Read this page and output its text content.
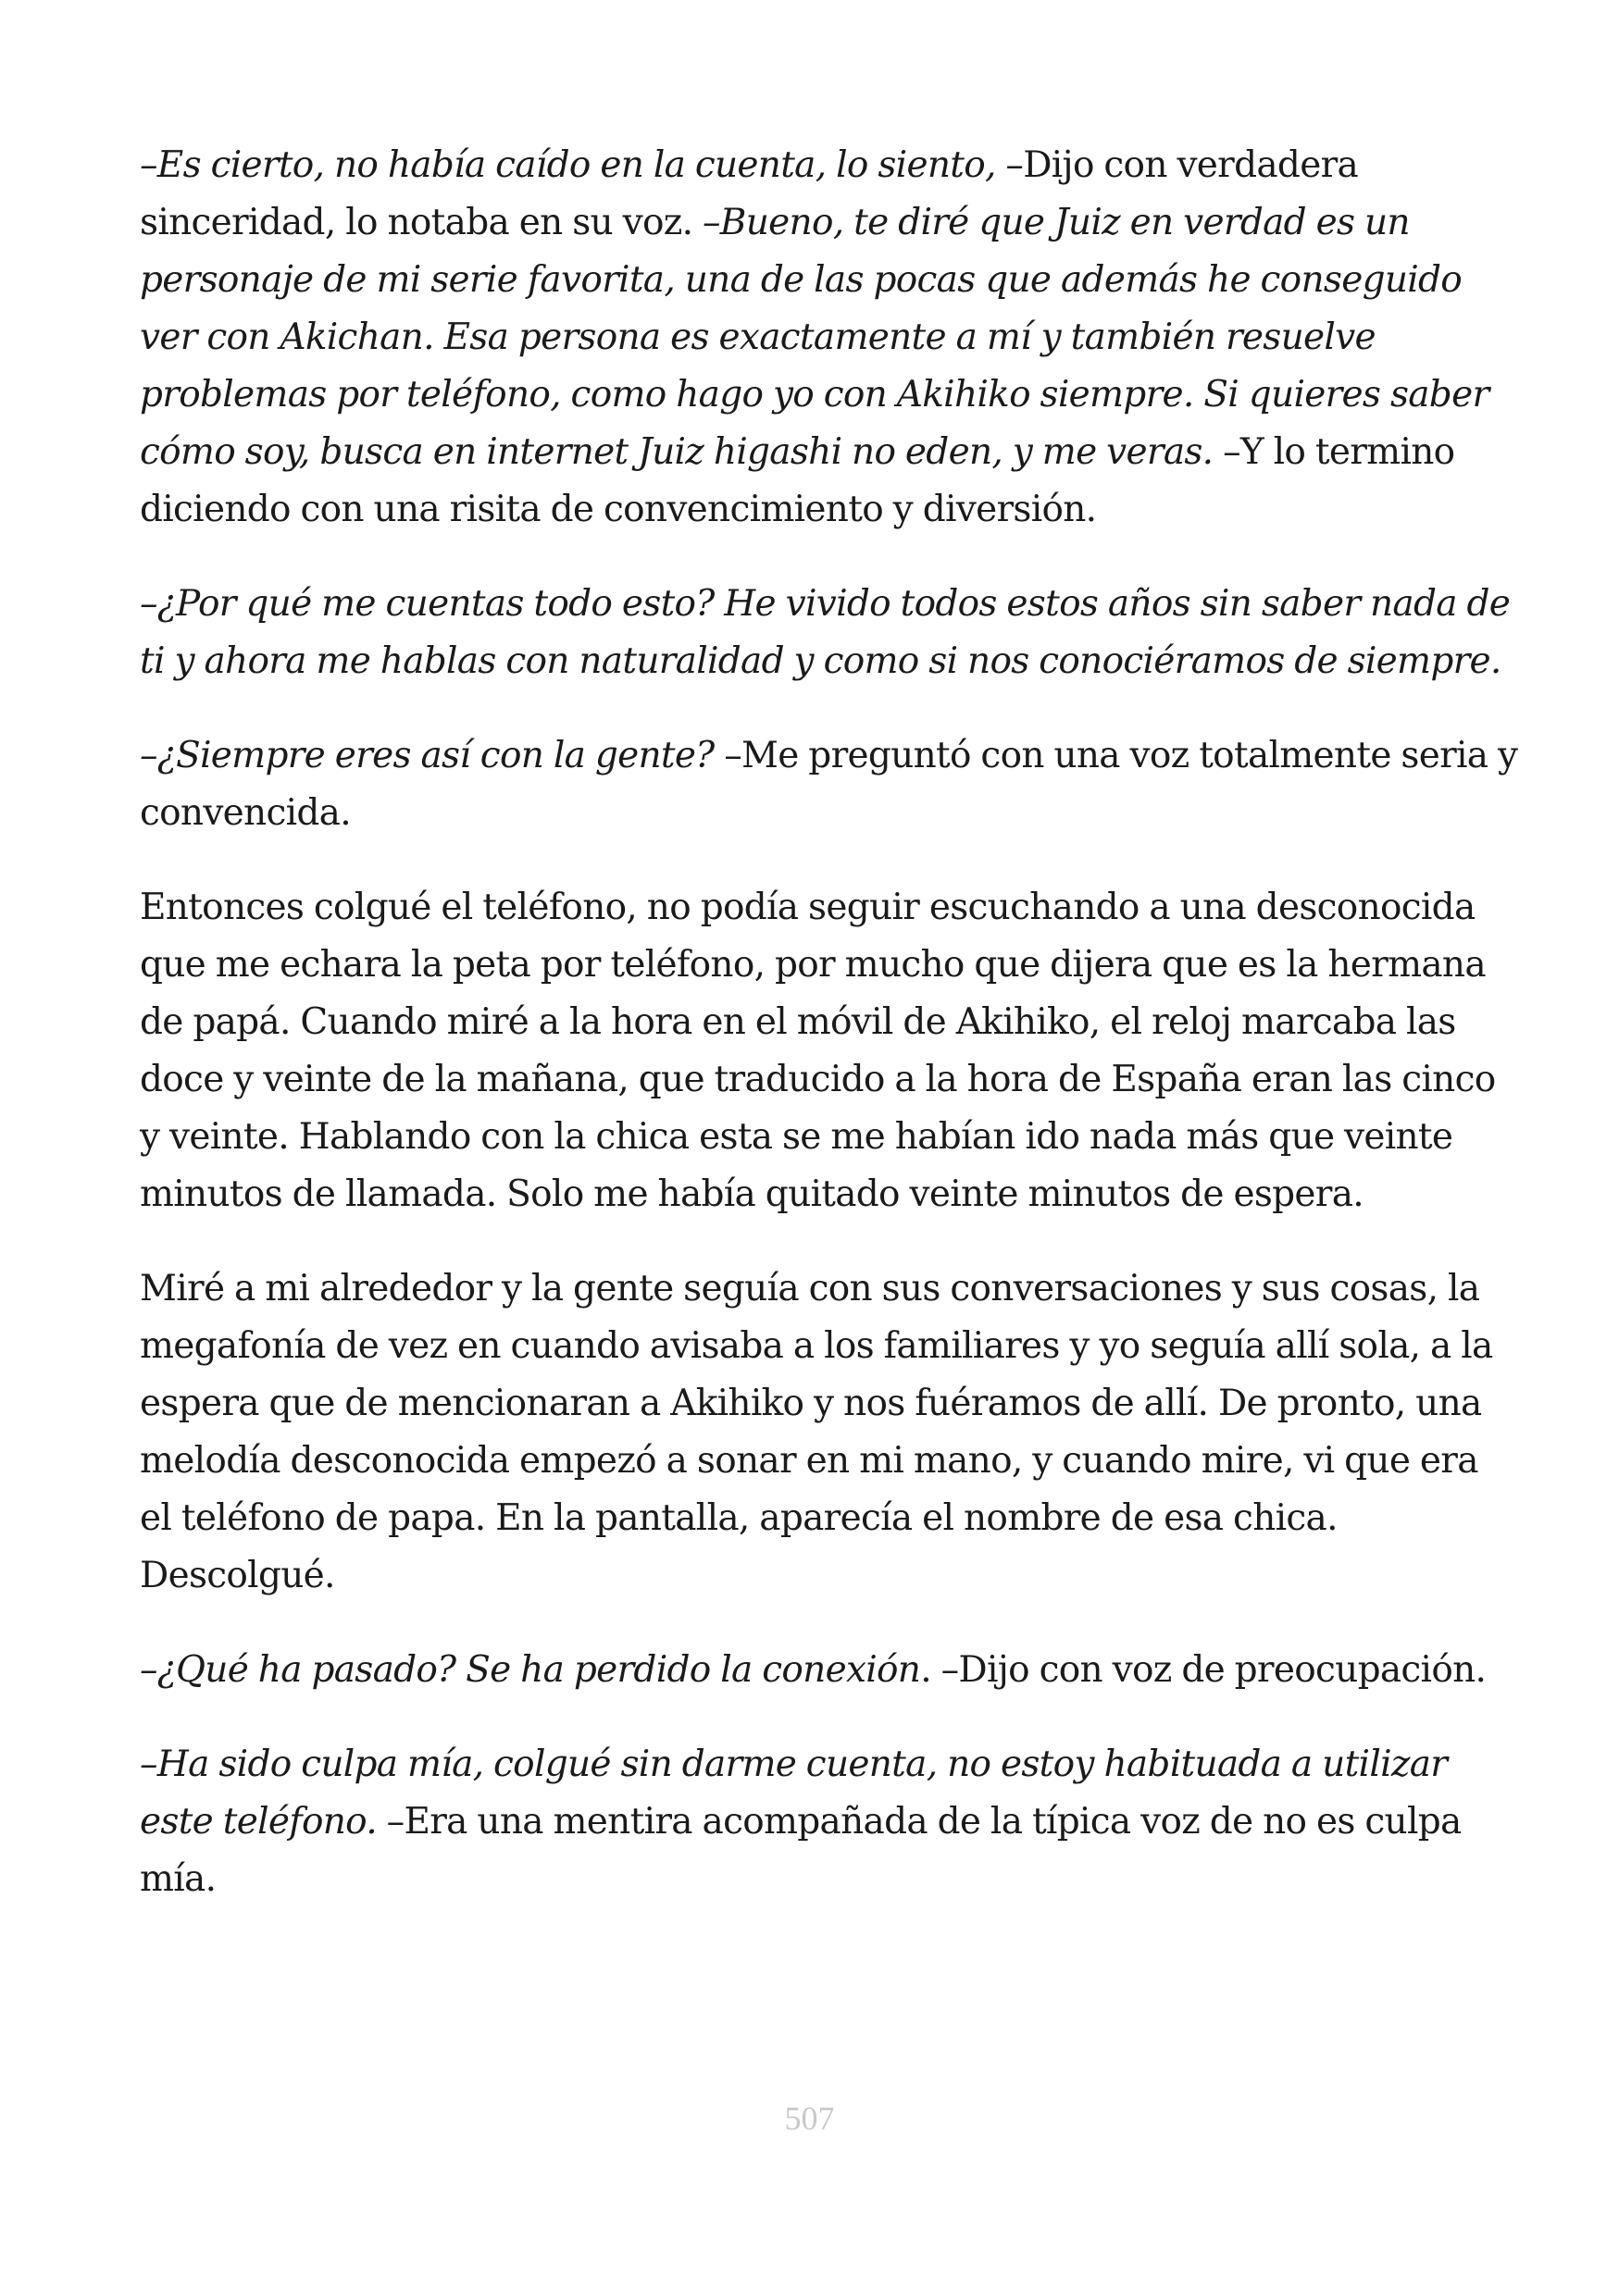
–Es cierto, no había caído en la cuenta, lo siento, –Dijo con verdadera sinceridad, lo notaba en su voz. –Bueno, te diré que Juiz en verdad es un personaje de mi serie favorita, una de las pocas que además he conseguido ver con Akichan. Esa persona es exactamente a mí y también resuelve problemas por teléfono, como hago yo con Akihiko siempre. Si quieres saber cómo soy, busca en internet Juiz higashi no eden, y me veras. –Y lo termino diciendo con una risita de convencimiento y diversión.

–¿Por qué me cuentas todo esto? He vivido todos estos años sin saber nada de ti y ahora me hablas con naturalidad y como si nos conociéramos de siempre.

–¿Siempre eres así con la gente? –Me preguntó con una voz totalmente seria y convencida.

Entonces colgué el teléfono, no podía seguir escuchando a una desconocida que me echara la peta por teléfono, por mucho que dijera que es la hermana de papá. Cuando miré a la hora en el móvil de Akihiko, el reloj marcaba las doce y veinte de la mañana, que traducido a la hora de España eran las cinco y veinte. Hablando con la chica esta se me habían ido nada más que veinte minutos de llamada. Solo me había quitado veinte minutos de espera.

Miré a mi alrededor y la gente seguía con sus conversaciones y sus cosas, la megafonía de vez en cuando avisaba a los familiares y yo seguía allí sola, a la espera que de mencionaran a Akihiko y nos fuéramos de allí. De pronto, una melodía desconocida empezó a sonar en mi mano, y cuando mire, vi que era el teléfono de papa. En la pantalla, aparecía el nombre de esa chica. Descolgué.

–¿Qué ha pasado? Se ha perdido la conexión. –Dijo con voz de preocupación.

–Ha sido culpa mía, colgué sin darme cuenta, no estoy habituada a utilizar este teléfono. –Era una mentira acompañada de la típica voz de no es culpa mía.

507
